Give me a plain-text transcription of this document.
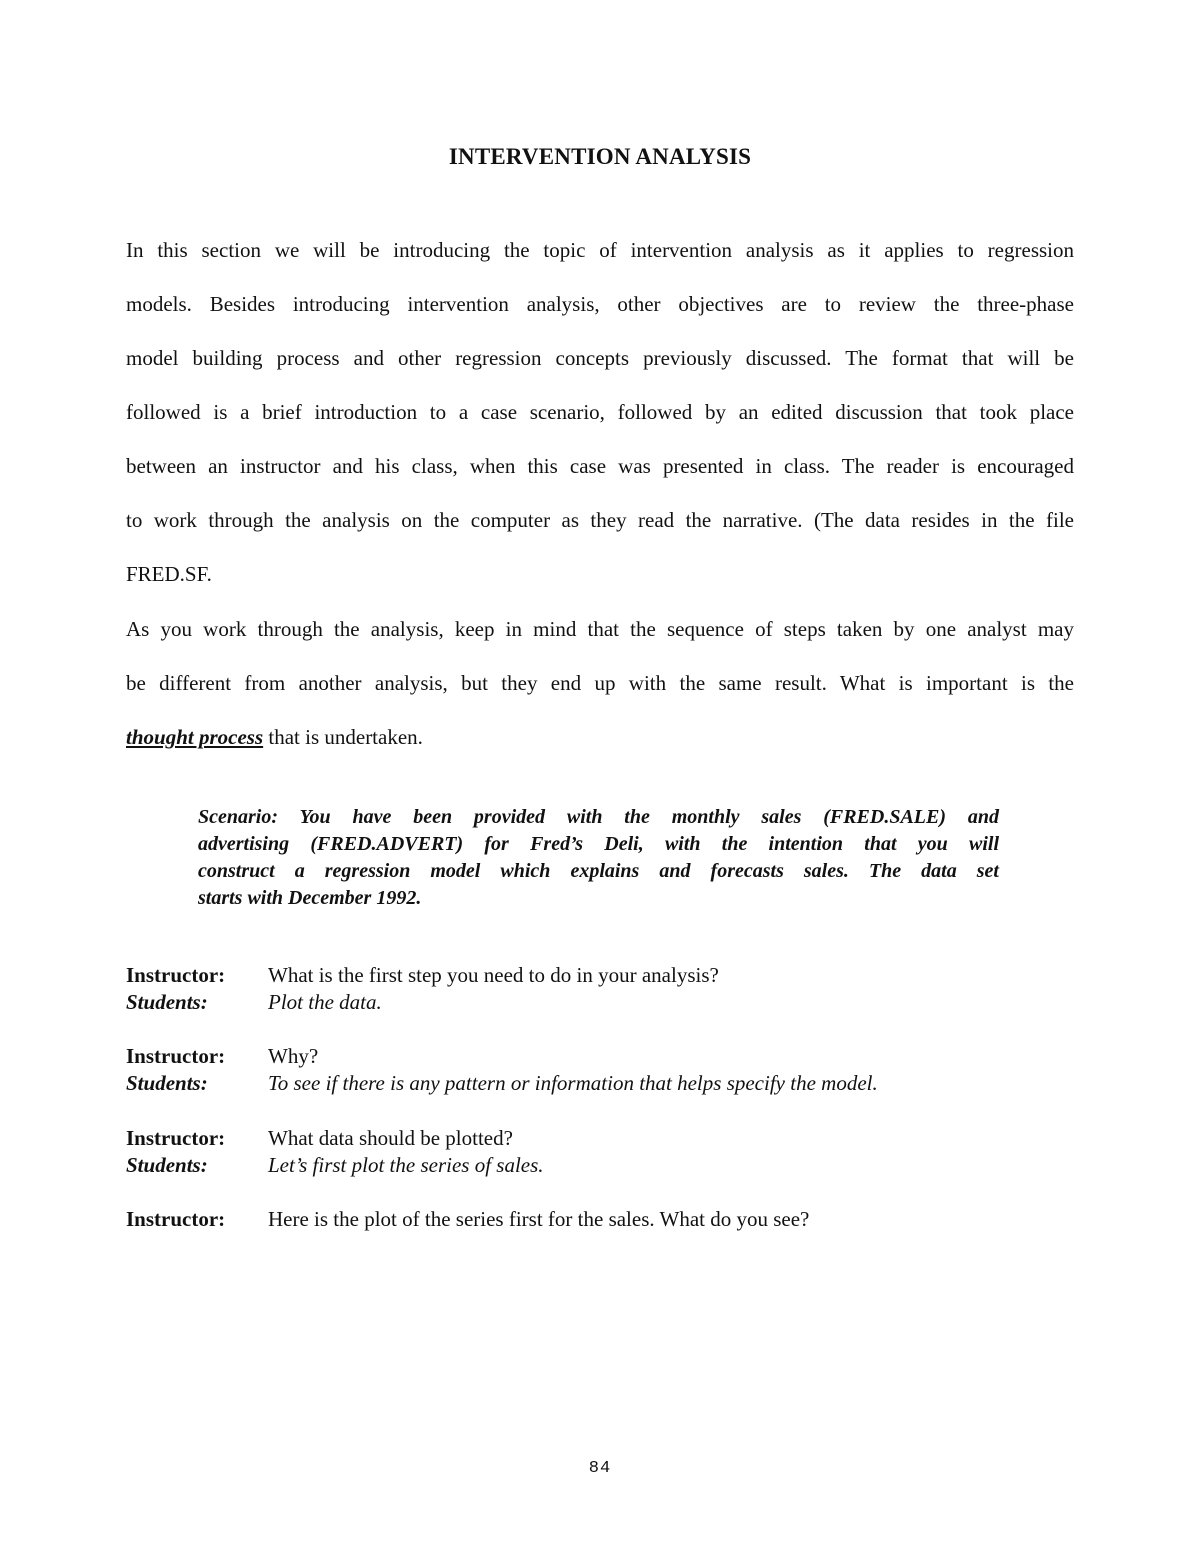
INTERVENTION ANALYSIS
In this section we will be introducing the topic of intervention analysis as it applies to regression
models. Besides introducing intervention analysis, other objectives are to review the three-phase
model building process and other regression concepts previously discussed. The format that will be
followed is a brief introduction to a case scenario, followed by an edited discussion that took place
between an instructor and his class, when this case was presented in class. The reader is encouraged
to work through the analysis on the computer as they read the narrative. (The data resides in the file
FRED.SF.
As you work through the analysis, keep in mind that the sequence of steps taken by one analyst may
be different from another analysis, but they end up with the same result. What is important is the
thought process that is undertaken.
Scenario: You have been provided with the monthly sales (FRED.SALE) and
advertising (FRED.ADVERT) for Fred’s Deli, with the intention that you will
construct a regression model which explains and forecasts sales. The data set
starts with December 1992.
Instructor: What is the first step you need to do in your analysis?
Students:	Plot the data.
Instructor: Why?
Students:	To see if there is any pattern or information that helps specify the model.
Instructor: What data should be plotted?
Students:	Let’s first plot the series of sales.
Instructor: Here is the plot of the series first for the sales. What do you see?
84
